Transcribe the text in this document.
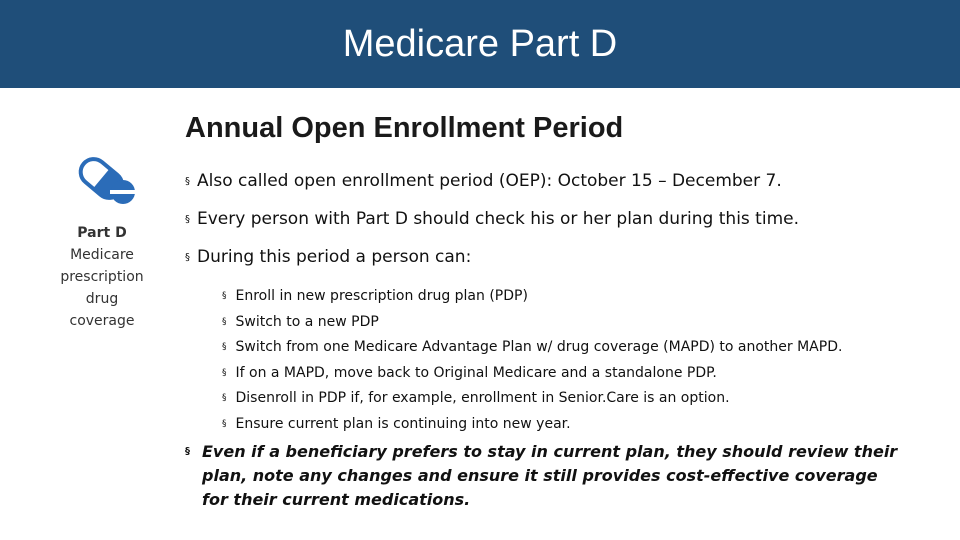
Medicare Part D
Annual Open Enrollment Period
Part D
Medicare
prescription
drug
coverage
§ Also called open enrollment period (OEP): October 15 – December 7.
§ Every person with Part D should check his or her plan during this time.
§ During this period a person can:
§ Enroll in new prescription drug plan (PDP)
§ Switch to a new PDP
§ Switch from one Medicare Advantage Plan w/ drug coverage (MAPD) to another MAPD.
§ If on a MAPD, move back to Original Medicare and a standalone PDP.
§ Disenroll in PDP if, for example, enrollment in Senior.Care is an option.
§ Ensure current plan is continuing into new year.
§ Even if a beneficiary prefers to stay in current plan, they should review their plan, note any changes and ensure it still provides cost-effective coverage for their current medications.
